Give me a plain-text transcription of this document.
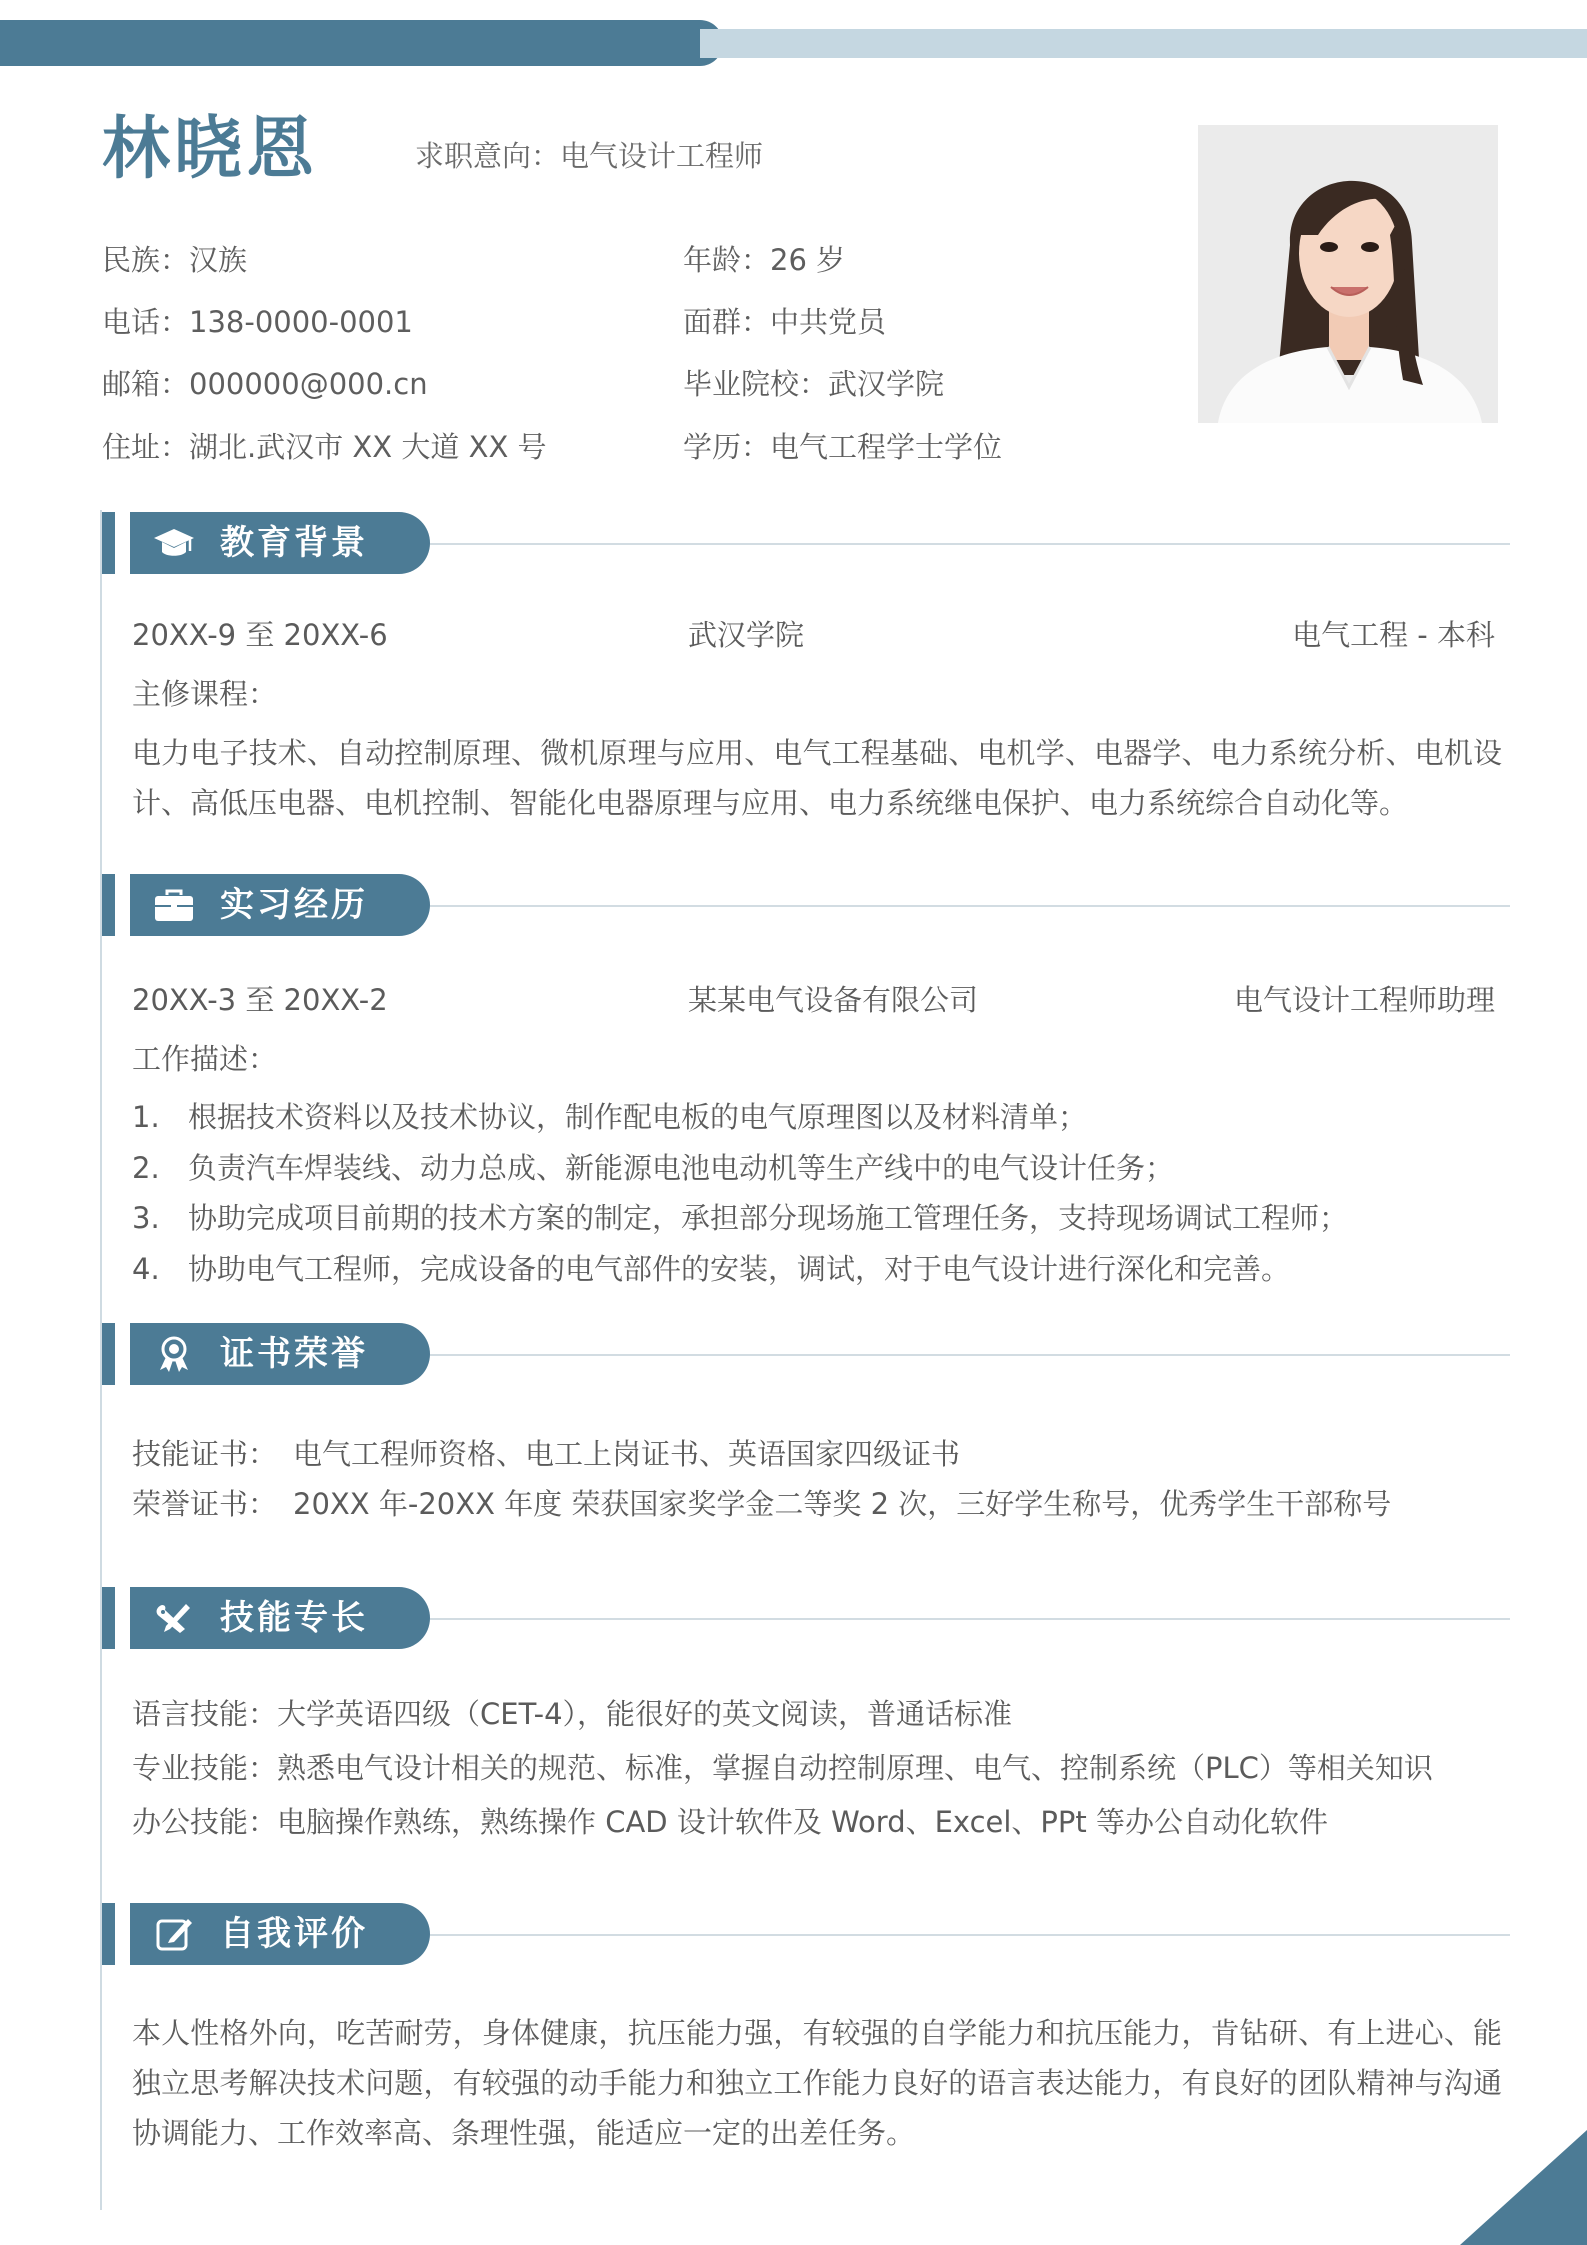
林晓恩	求职意向：电气设计工程师
民族：汉族	年龄：26 岁
电话：138-0000-0001	面群：中共党员
邮箱：000000@000.cn	毕业院校：武汉学院
住址：湖北.武汉市 XX 大道 XX 号	学历：电气工程学士学位
教育背景
20XX-9 至 20XX-6	武汉学院	电气工程 - 本科
主修课程：
电力电子技术、自动控制原理、微机原理与应用、电气工程基础、电机学、电器学、电力系统分析、电机设计、高低压电器、电机控制、智能化电器原理与应用、电力系统继电保护、电力系统综合自动化等。
实习经历
20XX-3 至 20XX-2	某某电气设备有限公司	电气设计工程师助理
工作描述：
1. 根据技术资料以及技术协议，制作配电板的电气原理图以及材料清单；
2. 负责汽车焊装线、动力总成、新能源电池电动机等生产线中的电气设计任务；
3. 协助完成项目前期的技术方案的制定，承担部分现场施工管理任务，支持现场调试工程师；
4. 协助电气工程师，完成设备的电气部件的安装，调试，对于电气设计进行深化和完善。
证书荣誉
技能证书： 电气工程师资格、电工上岗证书、英语国家四级证书
荣誉证书： 20XX 年-20XX 年度 荣获国家奖学金二等奖 2 次，三好学生称号，优秀学生干部称号
技能专长
语言技能：大学英语四级（CET-4），能很好的英文阅读，普通话标准
专业技能：熟悉电气设计相关的规范、标准，掌握自动控制原理、电气、控制系统（PLC）等相关知识
办公技能：电脑操作熟练，熟练操作 CAD 设计软件及 Word、Excel、PPt 等办公自动化软件
自我评价
本人性格外向，吃苦耐劳，身体健康，抗压能力强，有较强的自学能力和抗压能力，肯钻研、有上进心、能独立思考解决技术问题，有较强的动手能力和独立工作能力良好的语言表达能力，有良好的团队精神与沟通协调能力、工作效率高、条理性强，能适应一定的出差任务。
